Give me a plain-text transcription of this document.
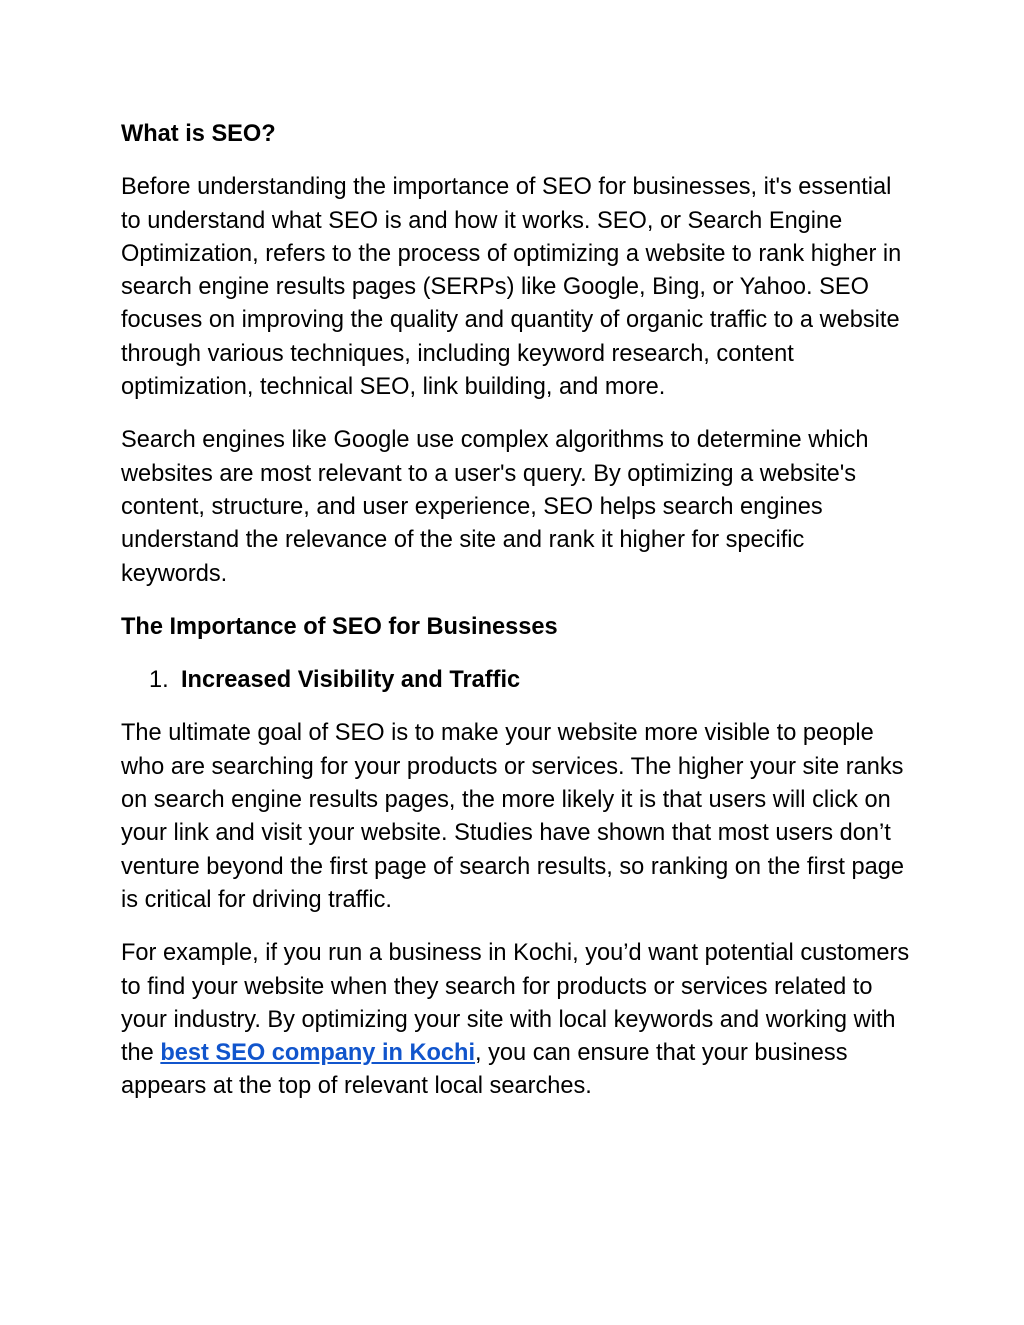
What is SEO?

Before understanding the importance of SEO for businesses, it's essential to understand what SEO is and how it works. SEO, or Search Engine Optimization, refers to the process of optimizing a website to rank higher in search engine results pages (SERPs) like Google, Bing, or Yahoo. SEO focuses on improving the quality and quantity of organic traffic to a website through various techniques, including keyword research, content optimization, technical SEO, link building, and more.

Search engines like Google use complex algorithms to determine which websites are most relevant to a user's query. By optimizing a website's content, structure, and user experience, SEO helps search engines understand the relevance of the site and rank it higher for specific keywords.

The Importance of SEO for Businesses

1. Increased Visibility and Traffic

The ultimate goal of SEO is to make your website more visible to people who are searching for your products or services. The higher your site ranks on search engine results pages, the more likely it is that users will click on your link and visit your website. Studies have shown that most users don’t venture beyond the first page of search results, so ranking on the first page is critical for driving traffic.

For example, if you run a business in Kochi, you’d want potential customers to find your website when they search for products or services related to your industry. By optimizing your site with local keywords and working with the best SEO company in Kochi, you can ensure that your business appears at the top of relevant local searches.
